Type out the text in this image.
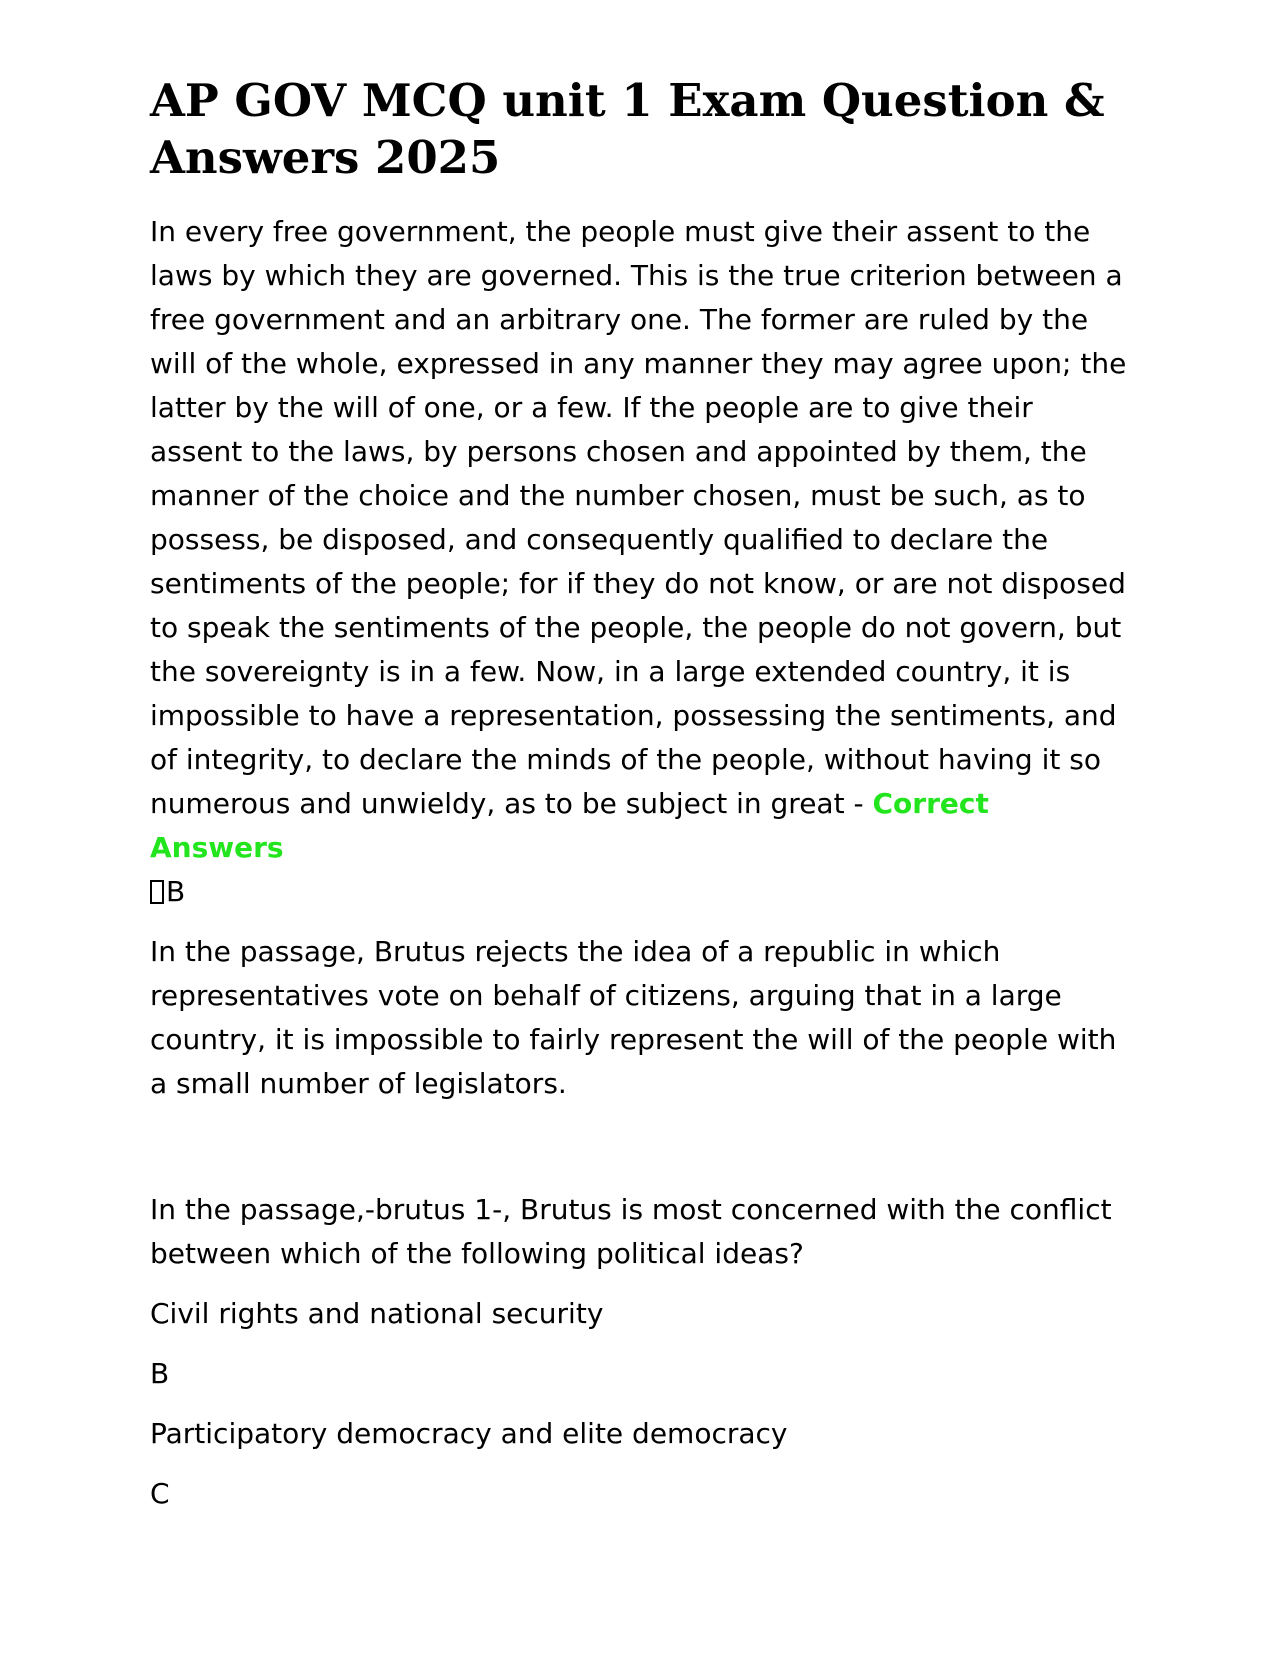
AP GOV MCQ unit 1 Exam Question & Answers 2025

In every free government, the people must give their assent to the laws by which they are governed. This is the true criterion between a free government and an arbitrary one. The former are ruled by the will of the whole, expressed in any manner they may agree upon; the latter by the will of one, or a few. If the people are to give their assent to the laws, by persons chosen and appointed by them, the manner of the choice and the number chosen, must be such, as to possess, be disposed, and consequently qualified to declare the sentiments of the people; for if they do not know, or are not disposed to speak the sentiments of the people, the people do not govern, but the sovereignty is in a few. Now, in a large extended country, it is impossible to have a representation, possessing the sentiments, and of integrity, to declare the minds of the people, without having it so numerous and unwieldy, as to be subject in great - Correct Answers
B

In the passage, Brutus rejects the idea of a republic in which representatives vote on behalf of citizens, arguing that in a large country, it is impossible to fairly represent the will of the people with a small number of legislators.

In the passage,-brutus 1-, Brutus is most concerned with the conflict between which of the following political ideas?

Civil rights and national security

B

Participatory democracy and elite democracy

C
